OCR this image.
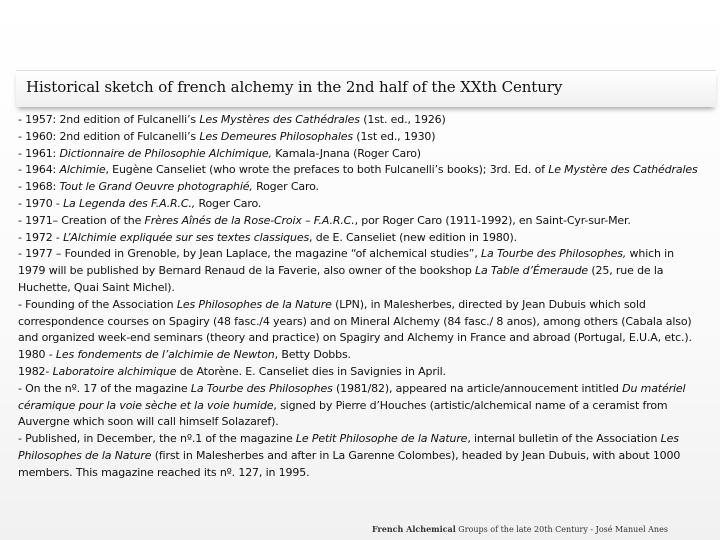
Historical sketch of french alchemy in the 2nd half of the XXth Century

- 1957: 2nd edition of Fulcanelli’s Les Mystères des Cathédrales (1st. ed., 1926)

- 1960: 2nd edition of Fulcanelli’s Les Demeures Philosophales (1st ed., 1930)

- 1961: Dictionnaire de Philosophie Alchimique, Kamala-Jnana (Roger Caro)

- 1964: Alchimie, Eugène Canseliet (who wrote the prefaces to both Fulcanelli’s books); 3rd. Ed. of Le Mystère des Cathédrales

- 1968: Tout le Grand Oeuvre photographié, Roger Caro.

- 1970 - La Legenda des F.A.R.C., Roger Caro.

- 1971– Creation of the Frères Aînés de la Rose-Croix – F.A.R.C., por Roger Caro (1911-1992), en Saint-Cyr-sur-Mer.

- 1972 - L’Alchimie expliquée sur ses textes classiques, de E. Canseliet (new edition in 1980).

- 1977 – Founded in Grenoble, by Jean Laplace, the magazine “of alchemical studies”, La Tourbe des Philosophes, which in 1979 will be published by Bernard Renaud de la Faverie, also owner of the bookshop La Table d’Émeraude (25, rue de la Huchette, Quai Saint Michel).

- Founding of the Association Les Philosophes de la Nature (LPN), in Malesherbes, directed by Jean Dubuis which sold correspondence courses on Spagiry (48 fasc./4 years) and on Mineral Alchemy (84 fasc./ 8 anos), among others (Cabala also) and organized week-end seminars (theory and practice) on Spagiry and Alchemy in France and abroad (Portugal, E.U.A, etc.).

1980 - Les fondements de l’alchimie de Newton, Betty Dobbs.

1982- Laboratoire alchimique de Atorène. E. Canseliet dies in Savignies in April.

- On the nº. 17 of the magazine La Tourbe des Philosophes (1981/82), appeared na article/annoucement intitled Du matériel céramique pour la voie sèche et la voie humide, signed by Pierre d’Houches (artistic/alchemical name of a ceramist from Auvergne which soon will call himself Solazaref).

- Published, in December, the nº.1 of the magazine Le Petit Philosophe de la Nature, internal bulletin of the Association Les Philosophes de la Nature (first in Malesherbes and after in La Garenne Colombes), headed by Jean Dubuis, with about 1000 members. This magazine reached its nº. 127, in 1995.

French Alchemical Groups of the late 20th Century - José Manuel Anes
